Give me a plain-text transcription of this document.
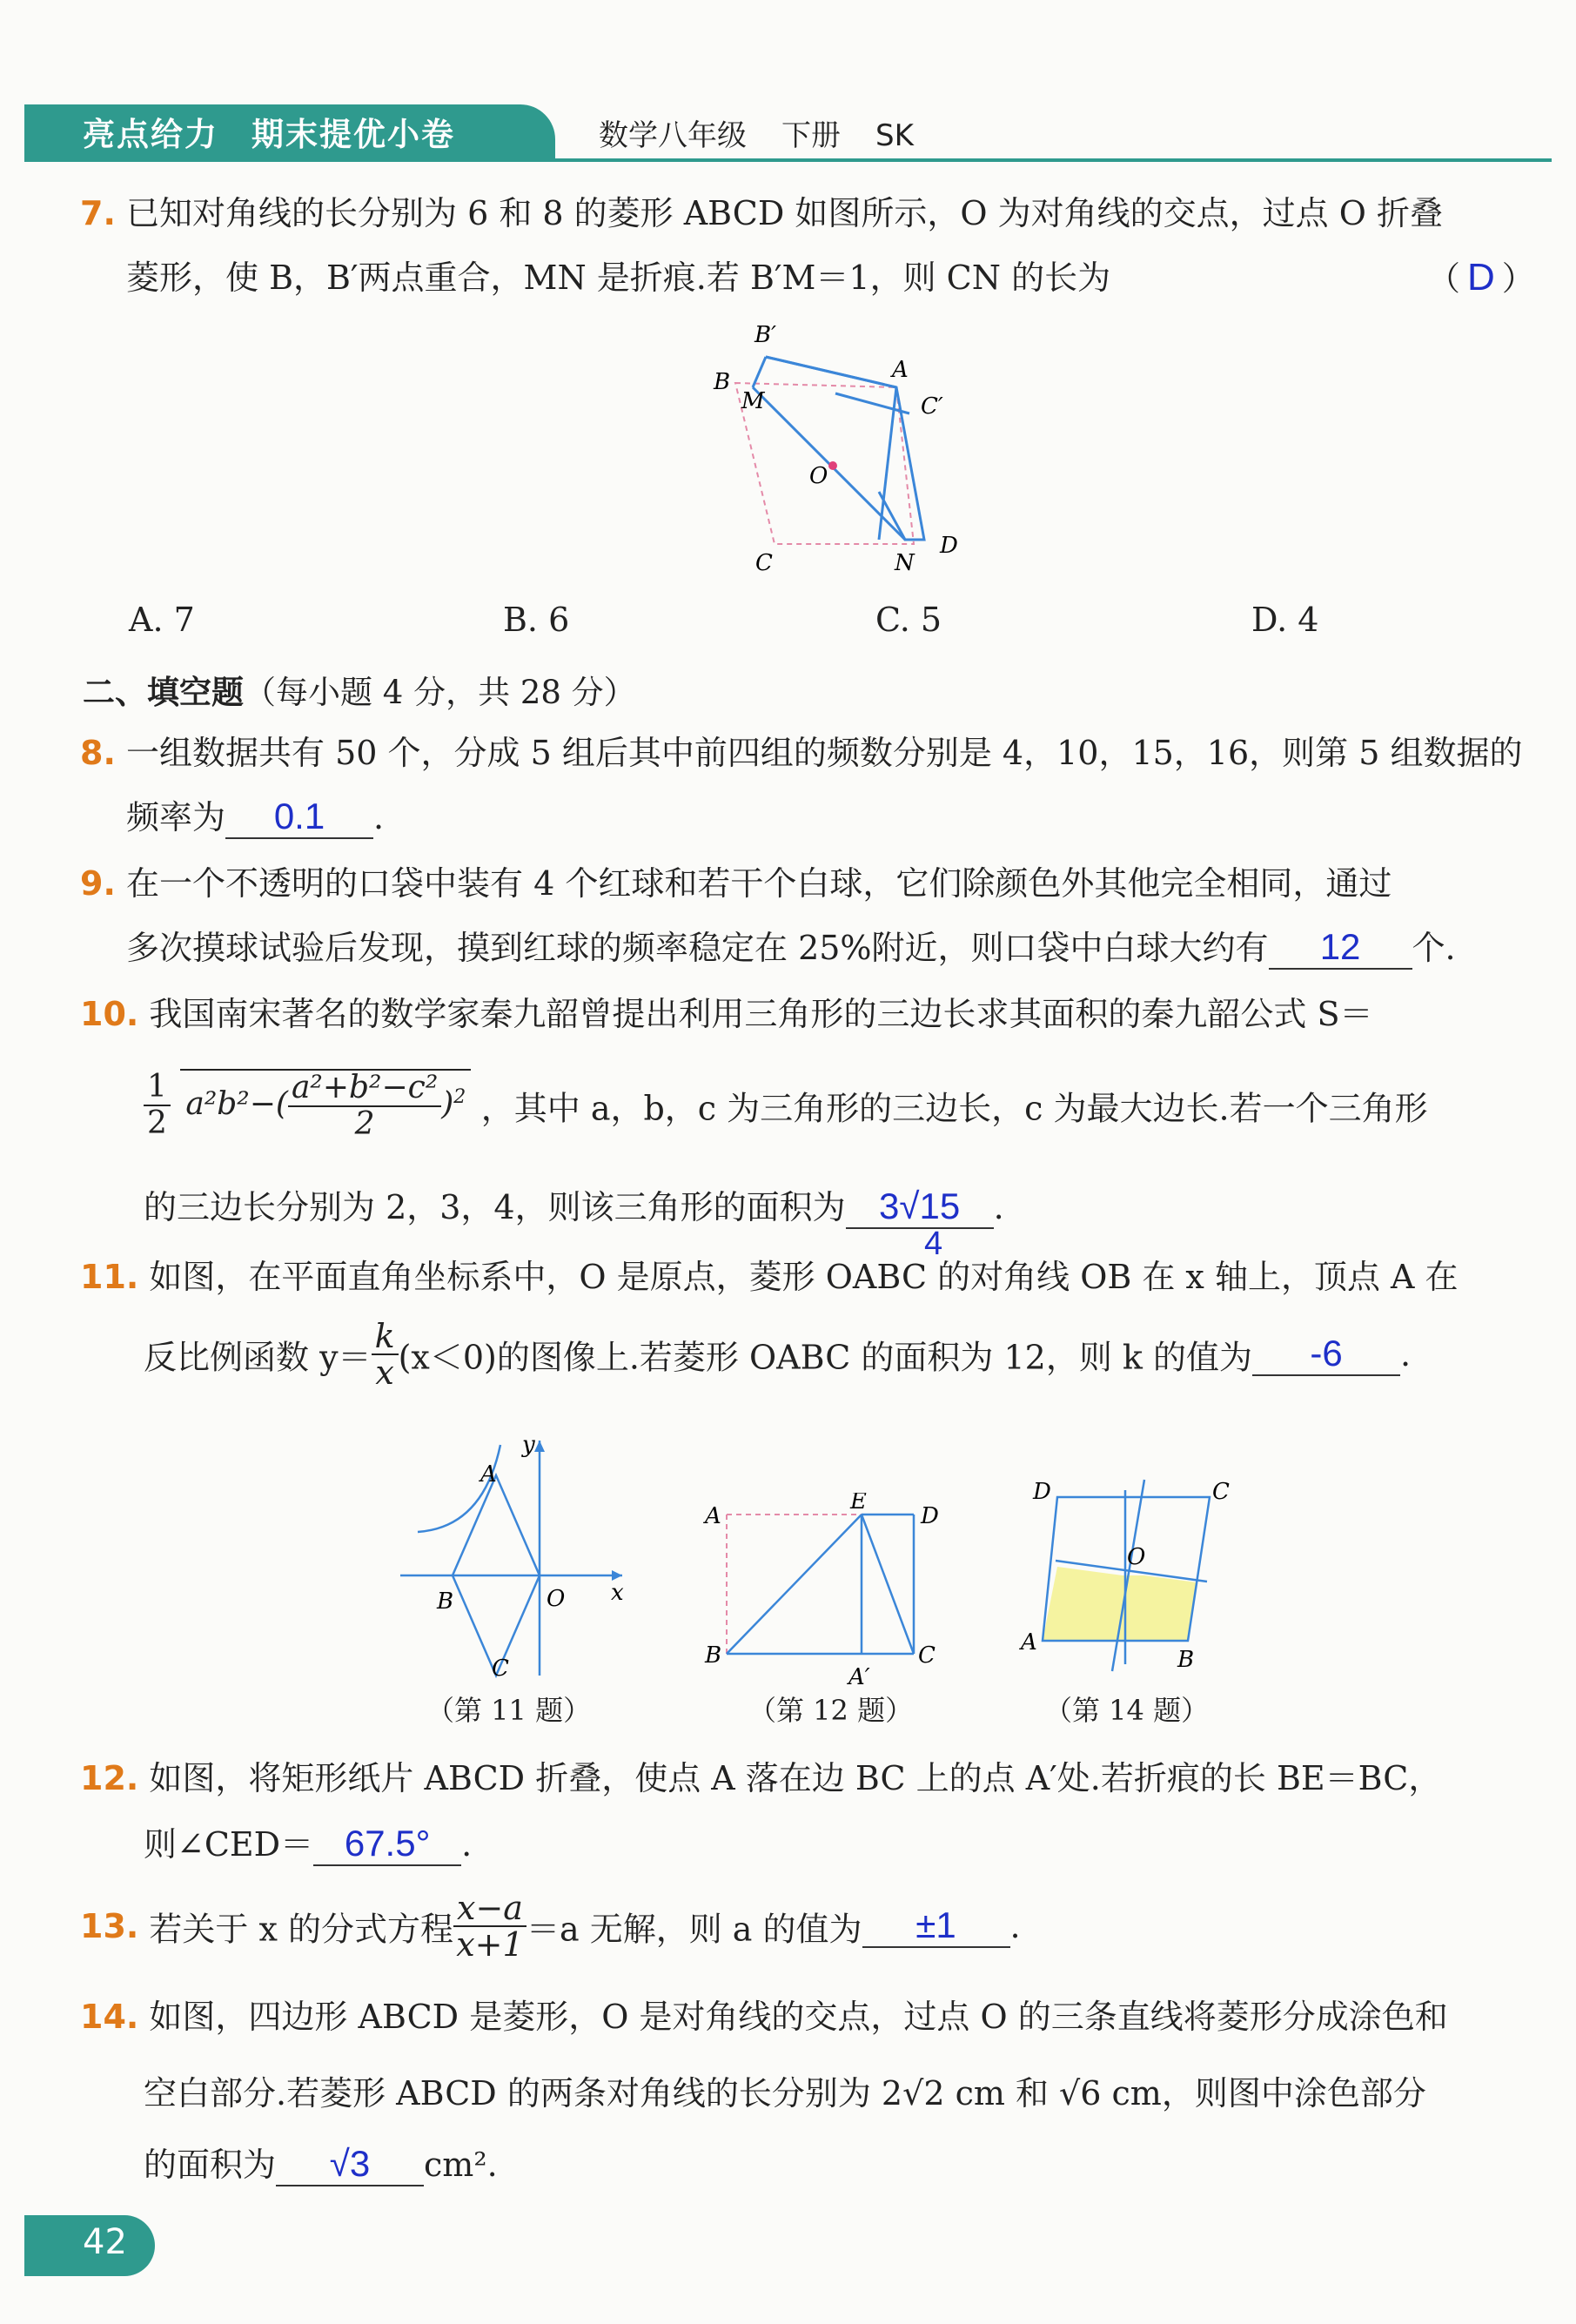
亮点给力 期末提优小卷	数学八年级 下册 SK
7. 已知对角线的长分别为 6 和 8 的菱形 ABCD 如图所示，O 为对角线的交点，过点 O 折叠
菱形，使 B，B′两点重合，MN 是折痕.若 B′M＝1，则 CN 的长为	（ D ）
B′
A
B
M	C′
O
C	N
D
A. 7	B. 6	C. 5	D. 4
二、填空题（每小题 4 分，共 28 分）
8. 一组数据共有 50 个，分成 5 组后其中前四组的频数分别是 4，10，15，16，则第 5 组数据的
频率为 0.1 .
9. 在一个不透明的口袋中装有 4 个红球和若干个白球，它们除颜色外其他完全相同，通过
多次摸球试验后发现，摸到红球的频率稳定在 25%附近，则口袋中白球大约有 12 个.
10. 我国南宋著名的数学家秦九韶曾提出利用三角形的三边长求其面积的秦九韶公式 S＝
$\frac{1}{2} a^2b^2-( \frac{\text{a²+b²−c²}}{2} )^2$ ，其中 a，b，c 为三角形的三边长，c 为最大边长.若一个三角形
的三边长分别为 2，3，4，则该三角形的面积为 3√15 .
4
11. 如图，在平面直角坐标系中，O 是原点，菱形 OABC 的对角线 OB 在 x 轴上，顶点 A 在
反比例函数 $y= \frac{k}{x} (x<0)$的图像上.若菱形 OABC 的面积为 12，则 k 的值为 -6 .
y
A
B	O x
C
（第 11 题）
A
E
D
B
A′
C
（第 12 题）
D	C
O
A
B
（第 14 题）
12. 如图，将矩形纸片 ABCD 折叠，使点 A 落在边 BC 上的点 A′处.若折痕的长 BE＝BC，
则∠CED＝ 67.5° .
13. 若关于 x 的分式方程 $\frac{x-a}{x+1} =a$ 无解，则 a 的值为 ±1 .
14. 如图，四边形 ABCD 是菱形，O 是对角线的交点，过点 O 的三条直线将菱形分成涂色和
空白部分.若菱形 ABCD 的两条对角线的长分别为 2√2 cm 和 √6 cm，则图中涂色部分
的面积为 √3 cm².
42
